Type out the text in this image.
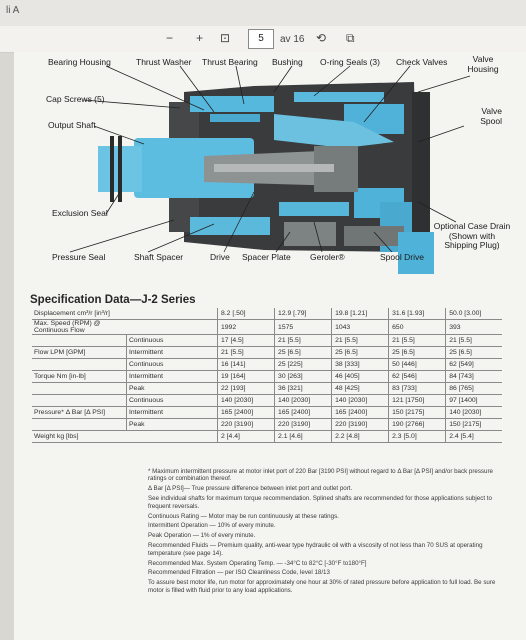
li A
− + ⊡	5	av 16 ⟲ ⧉
Bearing Housing	Thrust Washer Thrust Bearing Bushing O-ring Seals (3) Check Valves	Valve Housing
Cap Screws (5)
Valve Spool
Output Shaft
Exclusion Seal
Optional Case Drain (Shown with Shipping Plug)
Pressure Seal	Shaft Spacer	Drive Spacer Plate Geroler®	Spool Drive
Specification Data—J-2 Series
Displacement cm³/r [in³/r]		8.2 [.50]	12.9 [.79]	19.8 [1.21]	31.6 [1.93]	50.0 [3.00]
Max. Speed (RPM) @ Continuous Flow		1992	1575	1043	650	393
	Continuous	17 [4.5]	21 [5.5]	21 [5.5]	21 [5.5]	21 [5.5]
Flow LPM [GPM]	Intermittent	21 [5.5]	25 [6.5]	25 [6.5]	25 [6.5]	25 [6.5]
	Continuous	16 [141]	25 [225]	38 [333]	50 [446]	62 [549]
Torque Nm [in-lb]	Intermittent	19 [164]	30 [263]	46 [405]	62 [546]	84 [743]
	Peak	22 [193]	36 [321]	48 [425]	83 [733]	86 [765]
	Continuous	140 [2030]	140 [2030]	140 [2030]	121 [1750]	97 [1400]
Pressure* Δ Bar [Δ PSI]	Intermittent	165 [2400]	165 [2400]	165 [2400]	150 [2175]	140 [2030]
	Peak	220 [3190]	220 [3190]	220 [3190]	190 [2766]	150 [2175]
Weight kg [lbs]		2 [4.4]	2.1 [4.6]	2.2 [4.8]	2.3 [5.0]	2.4 [5.4]

* Maximum intermittent pressure at motor inlet port of 220 Bar [3190 PSI] without regard to Δ Bar [Δ PSI] and/or back pressure ratings or combination thereof.

Δ Bar [Δ PSI]— True pressure difference between inlet port and outlet port.

See individual shafts for maximum torque recommendation. Splined shafts are recommended for those applications subject to frequent reversals.

Continuous Rating — Motor may be run continuously at these ratings.

Intermittent Operation — 10% of every minute.

Peak Operation — 1% of every minute.

Recommended Fluids — Premium quality, anti-wear type hydraulic oil with a viscosity of not less than 70 SUS at operating temperature (see page 14).

Recommended Max. System Operating Temp. — -34°C to 82°C [-30°F to180°F]

Recommended Filtration — per ISO Cleanliness Code, level 18/13

To assure best motor life, run motor for approximately one hour at 30% of rated pressure before application to full load. Be sure motor is filled with fluid prior to any load applications.
